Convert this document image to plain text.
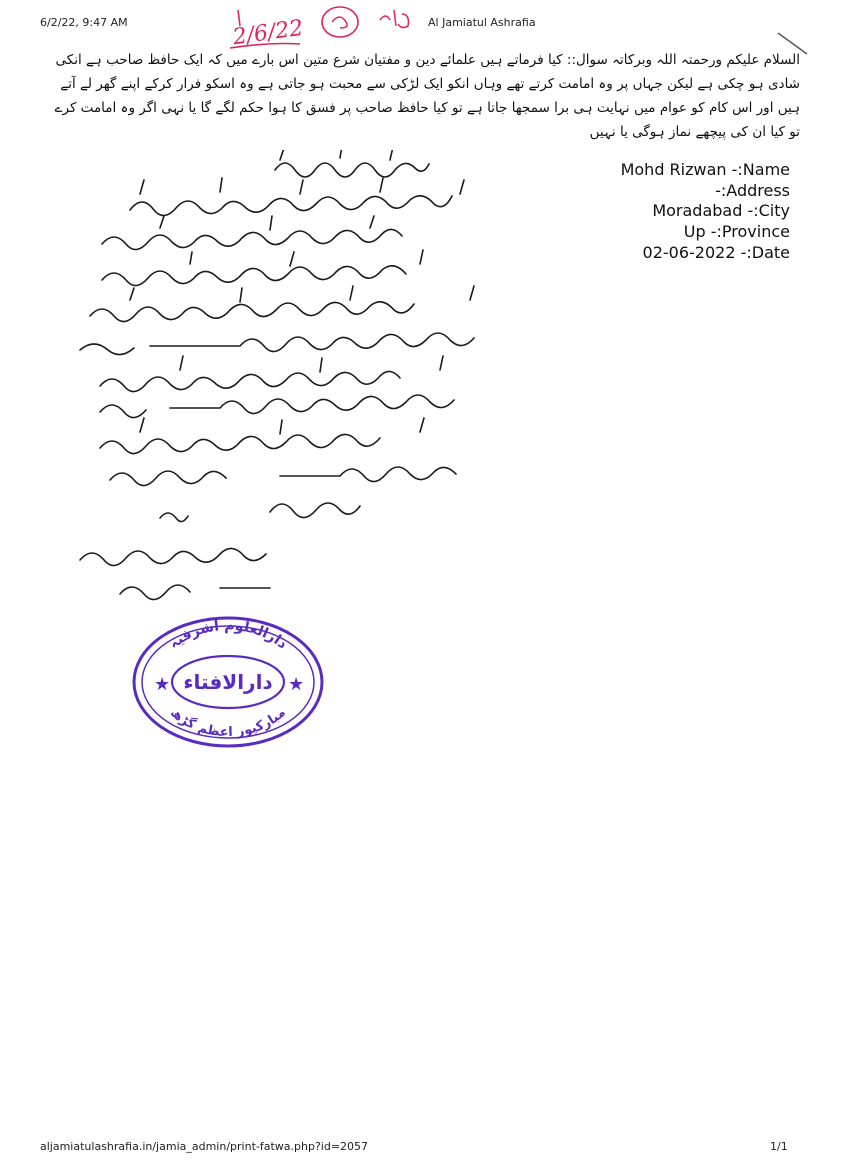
6/2/22, 9:47 AM	Al Jamiatul Ashrafia
2/6/22
السلام علیکم ورحمتہ اللہ وبرکاتہ سوال:: کیا فرماتے ہیں علمائے دین و مفتیان شرع متین اس بارے میں کہ ایک حافظ صاحب ہے انکی شادی ہو چکی ہے لیکن جہاں پر وہ امامت کرتے تھے وہاں انکو ایک لڑکی سے محبت ہو جاتی ہے وہ اسکو فرار کرکے اپنے گھر لے آتے ہیں اور اس کام کو عوام میں نہایت ہی برا سمجھا جاتا ہے تو کیا حافظ صاحب پر فسق کا ہوا حکم لگے گا یا نہی اگر وہ امامت کرے تو کیا ان کی پیچھے نماز ہوگی یا نہیں
Mohd Rizwan -:Name
-:Address
Moradabad -:City
Up -:Province
02-06-2022 -:Date
دارالعلوم اشرفیہ
دارالافتاء
مبارکپور اعظم گڑھ
★	★
aljamiatulashrafia.in/jamia_admin/print-fatwa.php?id=2057	1/1
